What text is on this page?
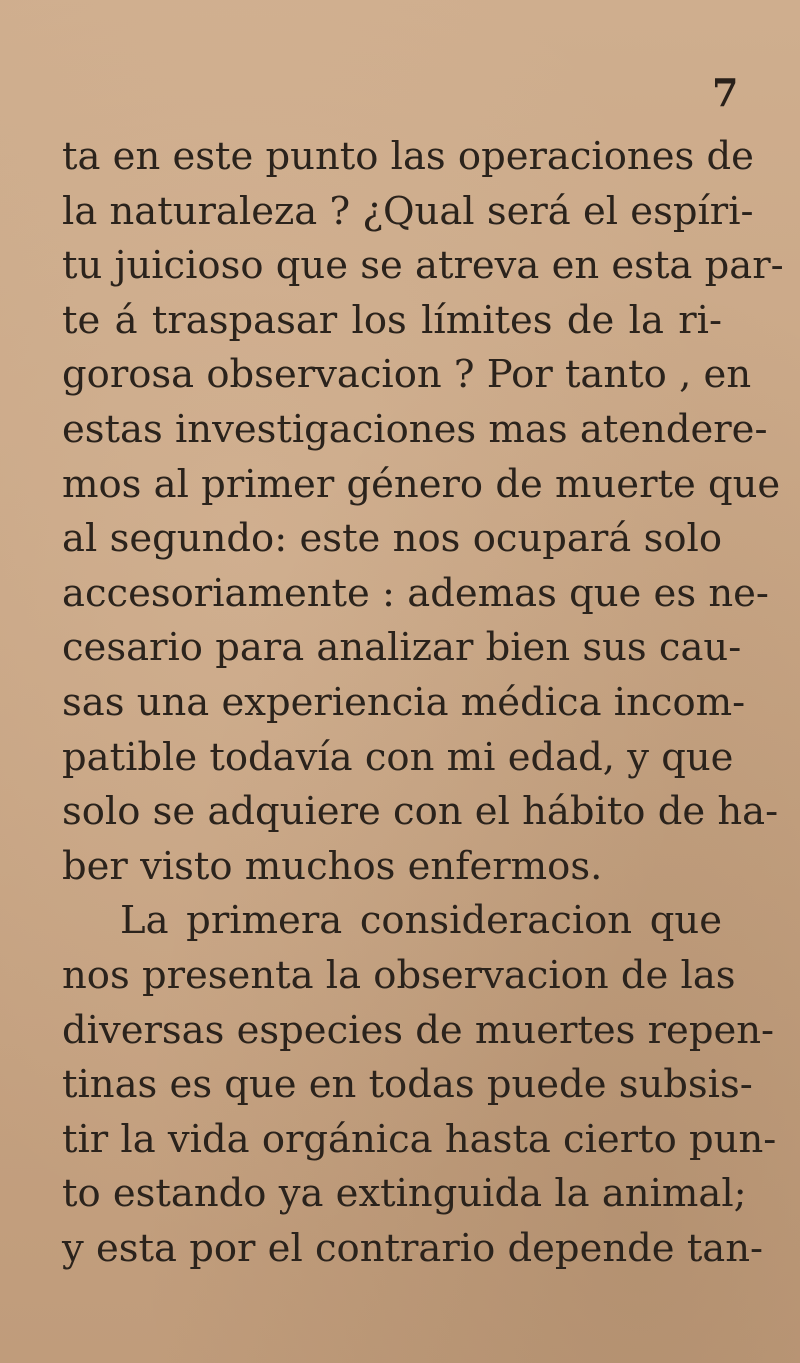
7
ta en este punto las operaciones de
la naturaleza ? ¿Qual será el espíri-
tu juicioso que se atreva en esta par-
te á traspasar los límites de la ri-
gorosa observacion ? Por tanto , en
estas investigaciones mas atendere-
mos al primer género de muerte que
al segundo: este nos ocupará solo
accesoriamente : ademas que es ne-
cesario para analizar bien sus cau-
sas una experiencia médica incom-
patible todavía con mi edad, y que
solo se adquiere con el hábito de ha-
ber visto muchos enfermos.
La primera consideracion que
nos presenta la observacion de las
diversas especies de muertes repen-
tinas es que en todas puede subsis-
tir la vida orgánica hasta cierto pun-
to estando ya extinguida la animal;
y esta por el contrario depende tan-
